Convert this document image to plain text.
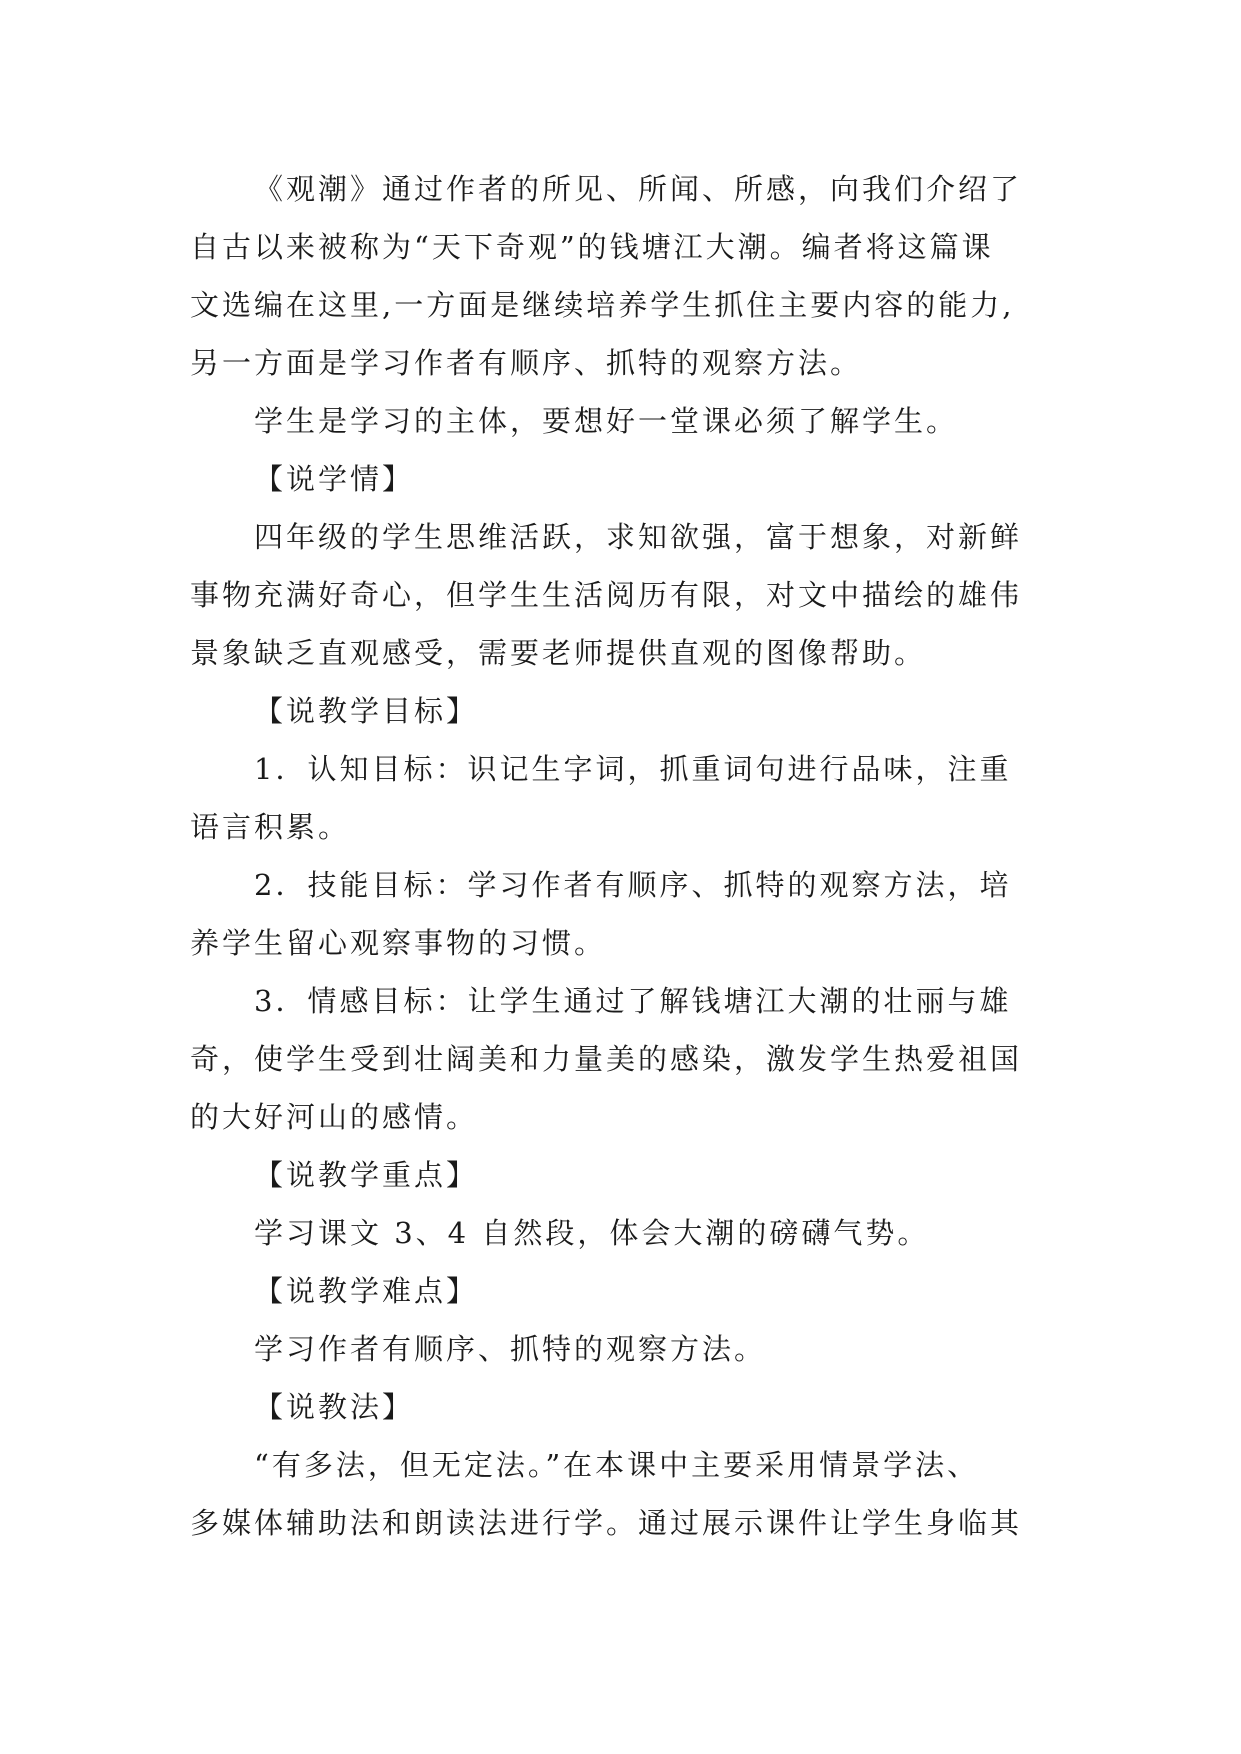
《观潮》通过作者的所见、所闻、所感，向我们介绍了
自古以来被称为“天下奇观”的钱塘江大潮。编者将这篇课
文选编在这里,一方面是继续培养学生抓住主要内容的能力,
另一方面是学习作者有顺序、抓特的观察方法。
学生是学习的主体，要想好一堂课必须了解学生。
【说学情】
四年级的学生思维活跃，求知欲强，富于想象，对新鲜
事物充满好奇心，但学生生活阅历有限，对文中描绘的雄伟
景象缺乏直观感受，需要老师提供直观的图像帮助。
【说教学目标】
1．认知目标：识记生字词，抓重词句进行品味，注重
语言积累。
2．技能目标：学习作者有顺序、抓特的观察方法，培
养学生留心观察事物的习惯。
3．情感目标：让学生通过了解钱塘江大潮的壮丽与雄
奇，使学生受到壮阔美和力量美的感染，激发学生热爱祖国
的大好河山的感情。
【说教学重点】
学习课文 3、4 自然段，体会大潮的磅礴气势。
【说教学难点】
学习作者有顺序、抓特的观察方法。
【说教法】
“有多法，但无定法。”在本课中主要采用情景学法、
多媒体辅助法和朗读法进行学。通过展示课件让学生身临其
